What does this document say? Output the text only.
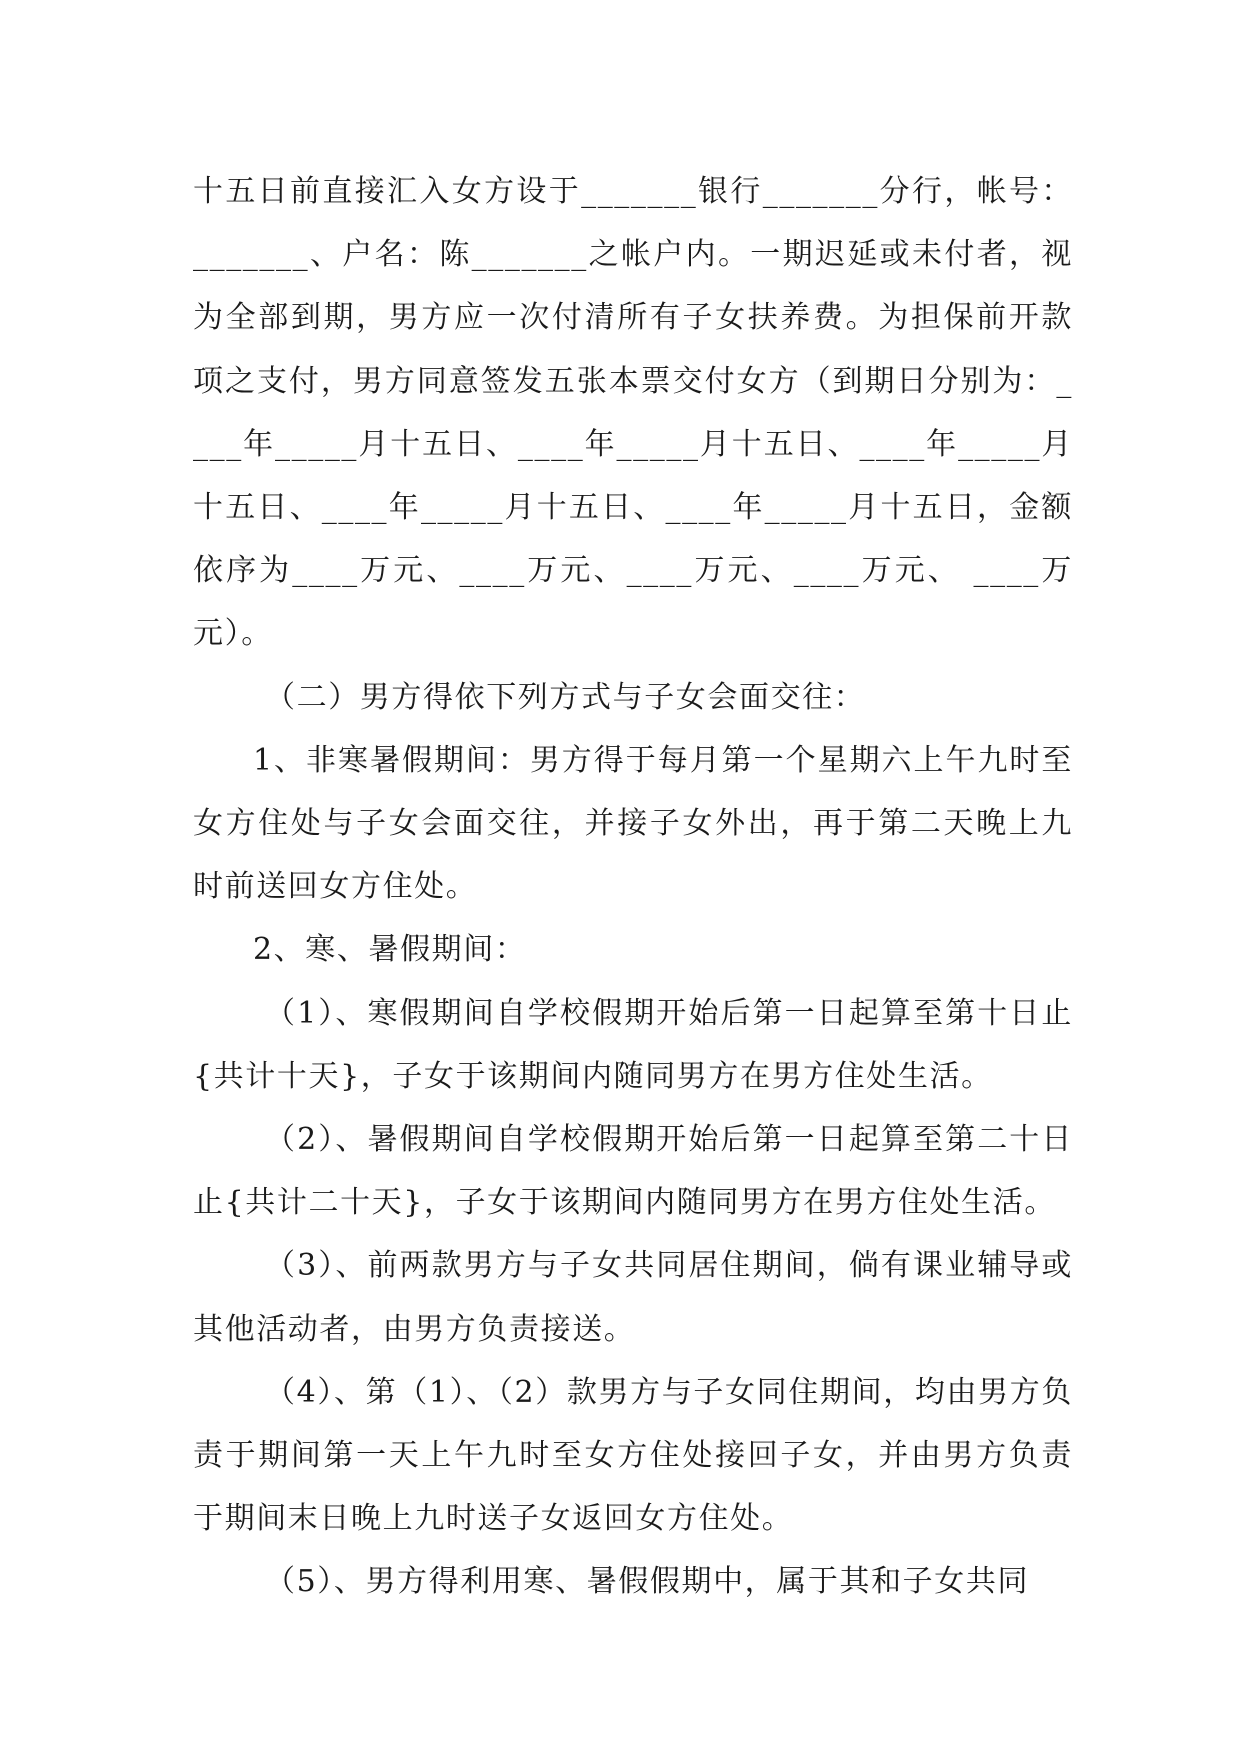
十五日前直接汇入女方设于_______银行_______分行，帐号：_______、户名：陈_______之帐户内。一期迟延或未付者，视为全部到期，男方应一次付清所有子女扶养费。为担保前开款项之支付，男方同意签发五张本票交付女方（到期日分别为：____年_____月十五日、____年_____月十五日、____年_____月十五日、____年_____月十五日、____年_____月十五日，金额依序为____万元、____万元、____万元、____万元、 ____万元）。

（二）男方得依下列方式与子女会面交往：

1、非寒暑假期间：男方得于每月第一个星期六上午九时至女方住处与子女会面交往，并接子女外出，再于第二天晚上九时前送回女方住处。

2、寒、暑假期间：

（1）、寒假期间自学校假期开始后第一日起算至第十日止{共计十天}，子女于该期间内随同男方在男方住处生活。

（2）、暑假期间自学校假期开始后第一日起算至第二十日止{共计二十天}，子女于该期间内随同男方在男方住处生活。

（3）、前两款男方与子女共同居住期间，倘有课业辅导或其他活动者，由男方负责接送。

（4）、第（1）、（2）款男方与子女同住期间，均由男方负责于期间第一天上午九时至女方住处接回子女，并由男方负责于期间末日晚上九时送子女返回女方住处。

（5）、男方得利用寒、暑假假期中，属于其和子女共同
